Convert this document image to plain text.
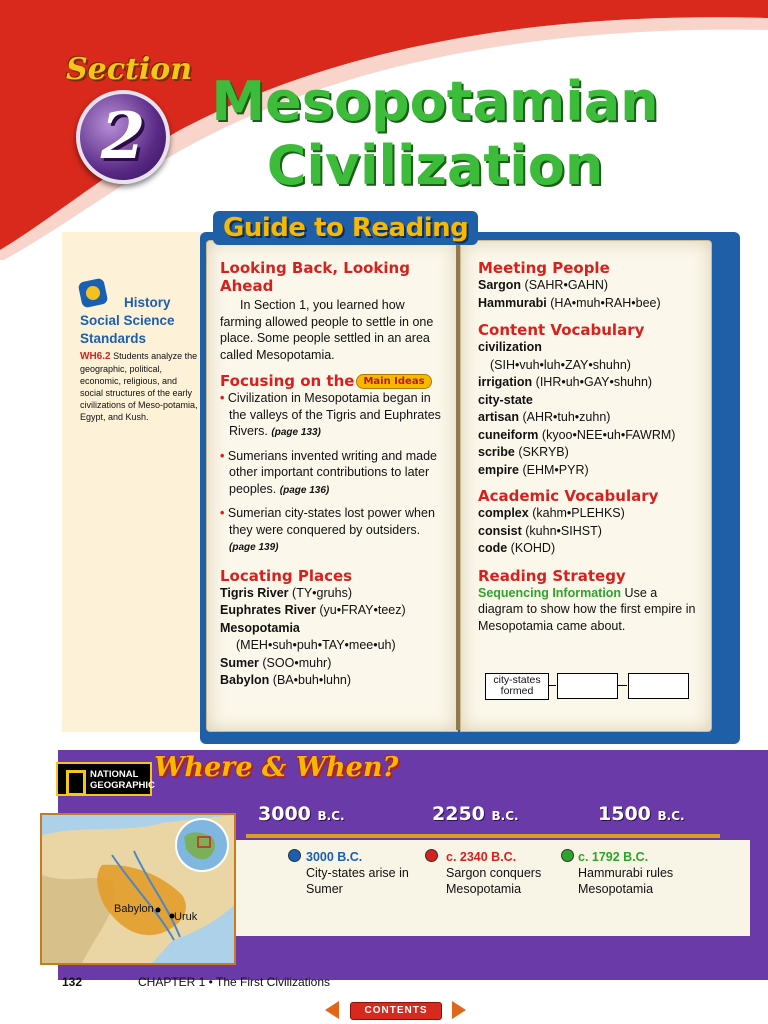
Section
2	Mesopotamian
Civilization
History
Social Science
Standards
WH6.2 Students analyze the geographic, political, economic, religious, and social structures of the early civilizations of Meso-potamia, Egypt, and Kush.
Guide to Reading
Looking Back, Looking Ahead
In Section 1, you learned how farming allowed people to settle in one place. Some people settled in an area called Mesopotamia.
Focusing on the Main Ideas
• Civilization in Mesopotamia began in the valleys of the Tigris and Euphrates Rivers. (page 133)
• Sumerians invented writing and made other important contributions to later peoples. (page 136)
• Sumerian city-states lost power when they were conquered by outsiders. (page 139)
Locating Places
Tigris River (TY•gruhs)
Euphrates River (yu•FRAY•teez)
Mesopotamia
(MEH•suh•puh•TAY•mee•uh)
Sumer (SOO•muhr)
Babylon (BA•buh•luhn)
Meeting People
Sargon (SAHR•GAHN)
Hammurabi (HA•muh•RAH•bee)
Content Vocabulary
civilization
(SIH•vuh•luh•ZAY•shuhn)
irrigation (IHR•uh•GAY•shuhn)
city-state
artisan (AHR•tuh•zuhn)
cuneiform (kyoo•NEE•uh•FAWRM)
scribe (SKRYB)
empire (EHM•PYR)
Academic Vocabulary
complex (kahm•PLEHKS)
consist (kuhn•SIHST)
code (KOHD)
Reading Strategy
Sequencing Information Use a diagram to show how the first empire in Mesopotamia came about.
city-states formed
NATIONAL GEOGRAPHIC
Where & When?
3000 B.C.	2250 B.C.	1500 B.C.
3000 B.C.
City-states arise in Sumer
c. 2340 B.C.
Sargon conquers Mesopotamia
c. 1792 B.C.
Hammurabi rules Mesopotamia
Babylon
Uruk
132	CHAPTER 1 • The First Civilizations
CONTENTS
